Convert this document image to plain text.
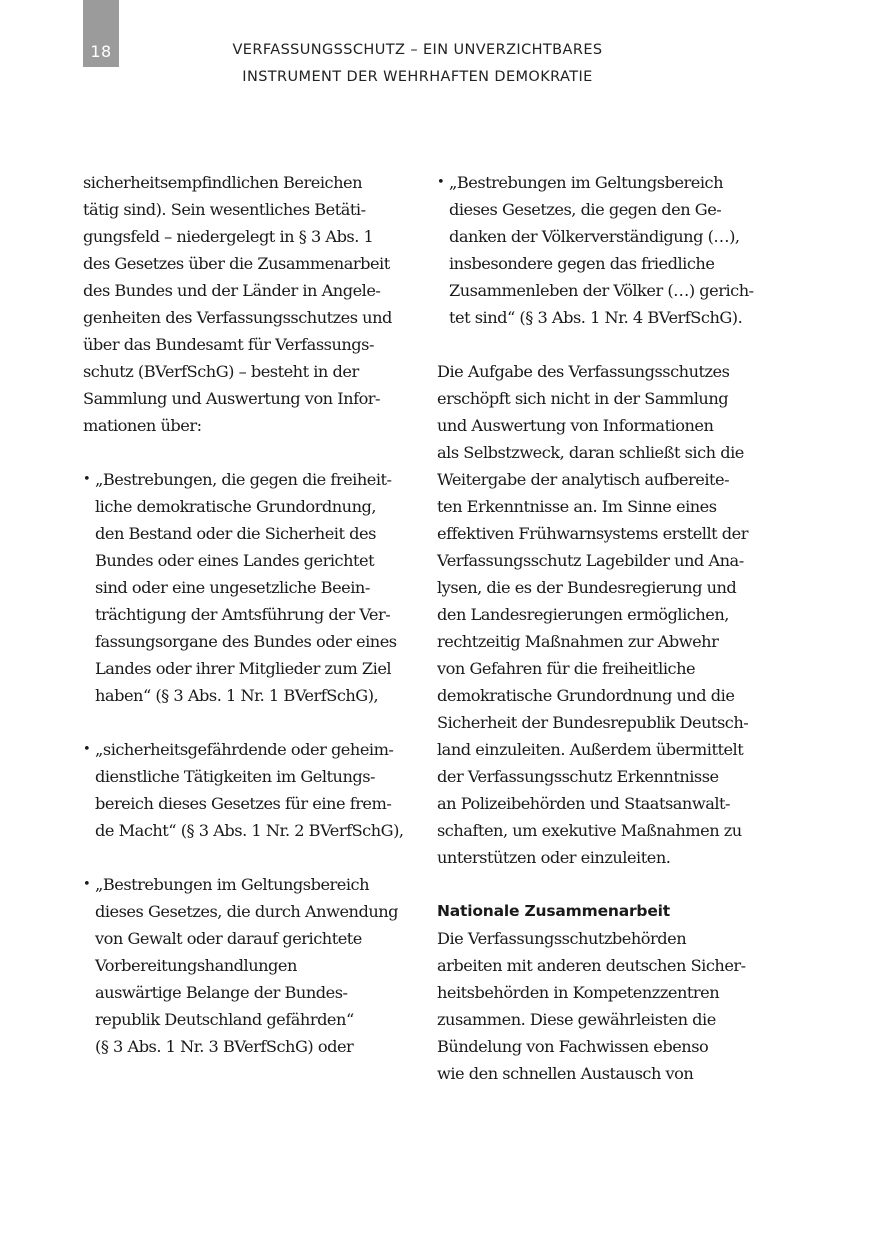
18	VERFASSUNGSSCHUTZ – EIN UNVERZICHTBARES
INSTRUMENT DER WEHRHAFTEN DEMOKRATIE
sicherheitsempfindlichen Bereichen
tätig sind). Sein wesentliches Betäti-
gungsfeld – niedergelegt in § 3 Abs. 1
des Gesetzes über die Zusammenarbeit
des Bundes und der Länder in Angele-
genheiten des Verfassungsschutzes und
über das Bundesamt für Verfassungs-
schutz (BVerfSchG) – besteht in der
Sammlung und Auswertung von Infor-
mationen über:
• „Bestrebungen, die gegen die freiheit-
liche demokratische Grundordnung,
den Bestand oder die Sicherheit des
Bundes oder eines Landes gerichtet
sind oder eine ungesetzliche Beein-
trächtigung der Amtsführung der Ver-
fassungsorgane des Bundes oder eines
Landes oder ihrer Mitglieder zum Ziel
haben“ (§ 3 Abs. 1 Nr. 1 BVerfSchG),
• „sicherheitsgefährdende oder geheim-
dienstliche Tätigkeiten im Geltungs-
bereich dieses Gesetzes für eine frem-
de Macht“ (§ 3 Abs. 1 Nr. 2 BVerfSchG),
• „Bestrebungen im Geltungsbereich
dieses Gesetzes, die durch Anwendung
von Gewalt oder darauf gerichtete
Vorbereitungshandlungen
auswärtige Belange der Bundes-
republik Deutschland gefährden“
(§ 3 Abs. 1 Nr. 3 BVerfSchG) oder
• „Bestrebungen im Geltungsbereich
dieses Gesetzes, die gegen den Ge-
danken der Völkerverständigung (…),
insbesondere gegen das friedliche
Zusammenleben der Völker (…) gerich-
tet sind“ (§ 3 Abs. 1 Nr. 4 BVerfSchG).
Die Aufgabe des Verfassungsschutzes
erschöpft sich nicht in der Sammlung
und Auswertung von Informationen
als Selbstzweck, daran schließt sich die
Weitergabe der analytisch aufbereite-
ten Erkenntnisse an. Im Sinne eines
effektiven Frühwarnsystems erstellt der
Verfassungsschutz Lagebilder und Ana-
lysen, die es der Bundesregierung und
den Landesregierungen ermöglichen,
rechtzeitig Maßnahmen zur Abwehr
von Gefahren für die freiheitliche
demokratische Grundordnung und die
Sicherheit der Bundesrepublik Deutsch-
land einzuleiten. Außerdem übermittelt
der Verfassungsschutz Erkenntnisse
an Polizeibehörden und Staatsanwalt-
schaften, um exekutive Maßnahmen zu
unterstützen oder einzuleiten.
Nationale Zusammenarbeit
Die Verfassungsschutzbehörden
arbeiten mit anderen deutschen Sicher-
heitsbehörden in Kompetenzzentren
zusammen. Diese gewährleisten die
Bündelung von Fachwissen ebenso
wie den schnellen Austausch von
